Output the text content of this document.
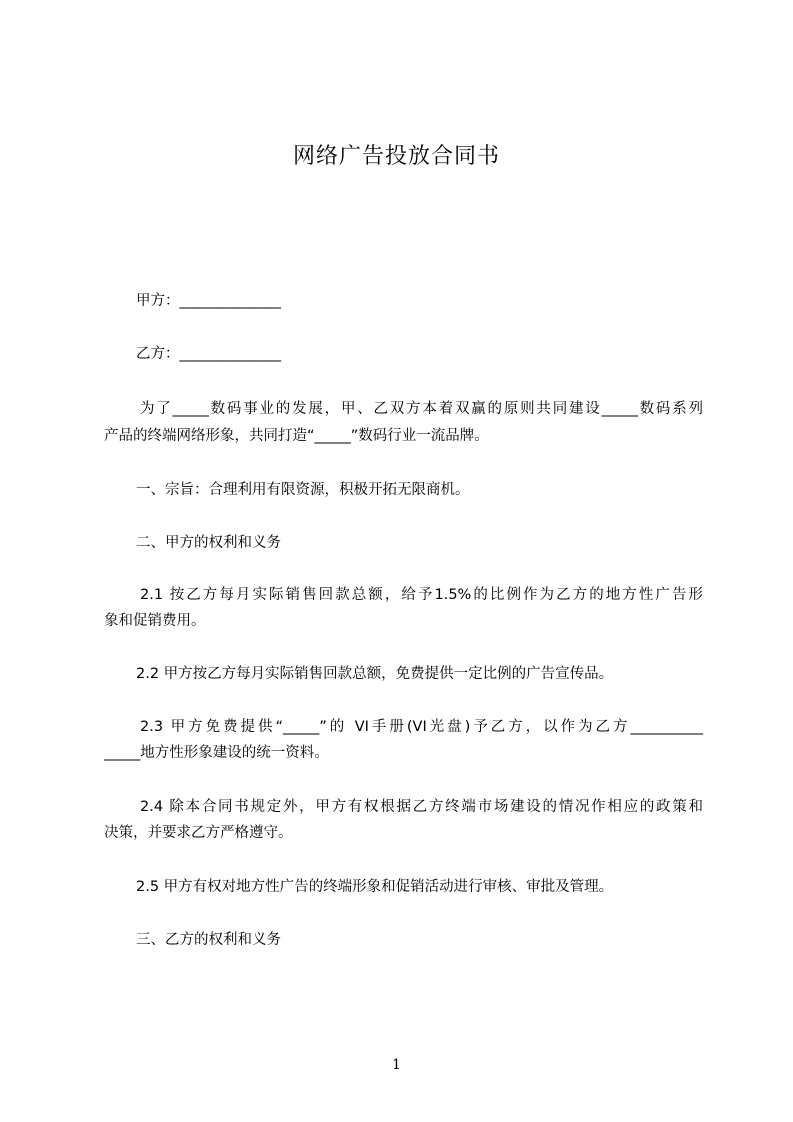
网络广告投放合同书
甲方：______________
乙方：______________
为了_____数码事业的发展，甲、乙双方本着双赢的原则共同建设_____数码系列
产品的终端网络形象，共同打造“_____”数码行业一流品牌。
一、宗旨：合理利用有限资源，积极开拓无限商机。
二、甲方的权利和义务
2.1 按乙方每月实际销售回款总额，给予1.5%的比例作为乙方的地方性广告形
象和促销费用。
2.2 甲方按乙方每月实际销售回款总额，免费提供一定比例的广告宣传品。
2.3 甲方免费提供“_____”的 VI手册(VI光盘)予乙方，以作为乙方__________
_____地方性形象建设的统一资料。
2.4 除本合同书规定外，甲方有权根据乙方终端市场建设的情况作相应的政策和
决策，并要求乙方严格遵守。
2.5 甲方有权对地方性广告的终端形象和促销活动进行审核、审批及管理。
三、乙方的权利和义务
1
